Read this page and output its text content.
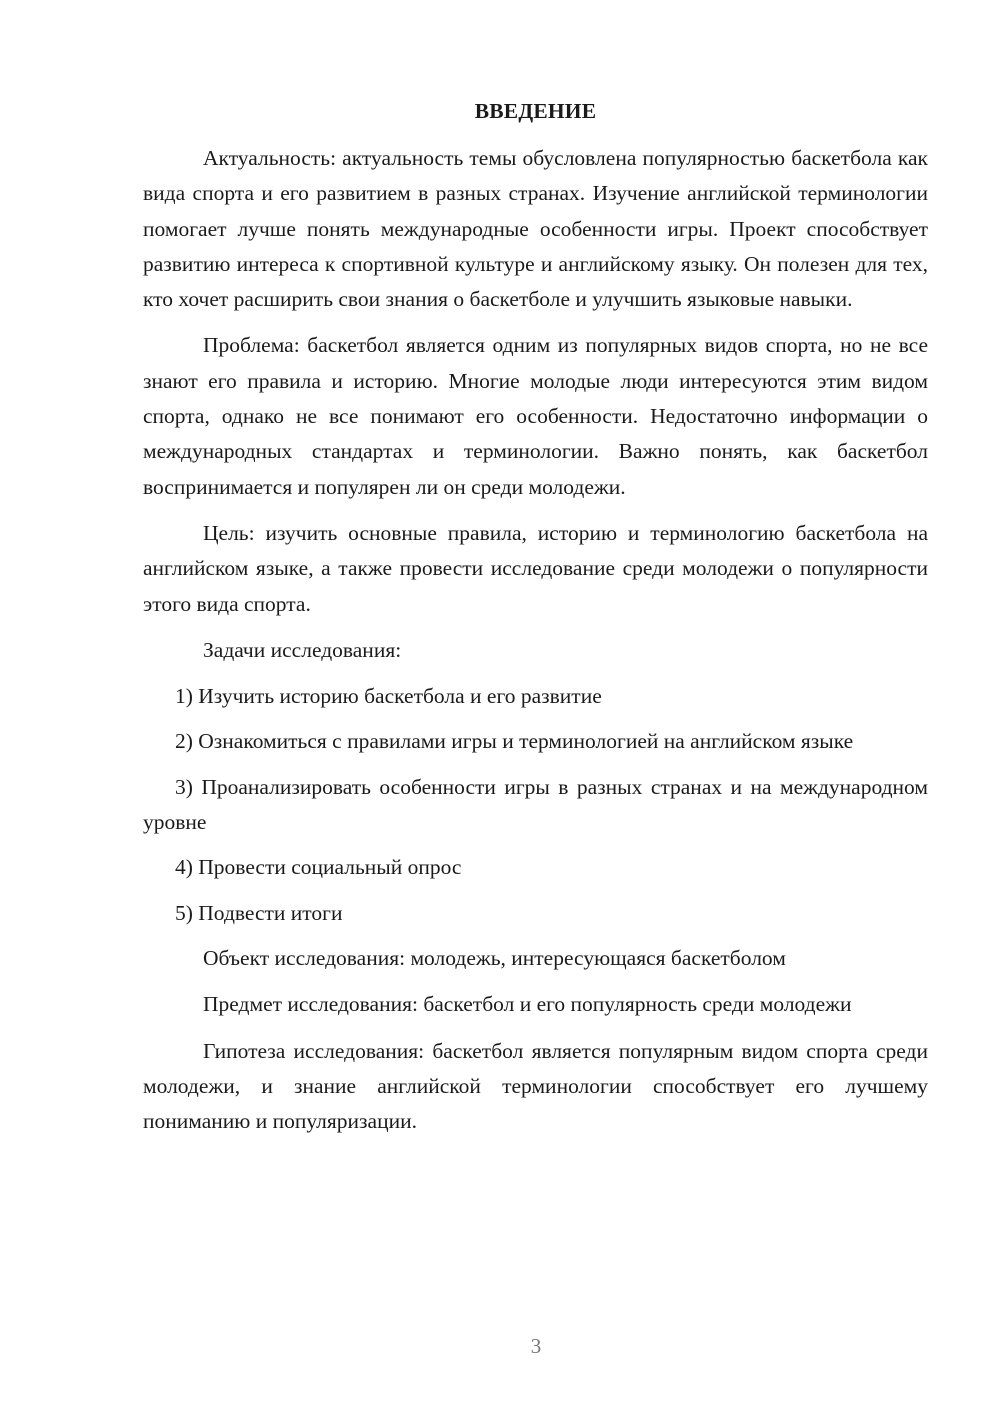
ВВЕДЕНИЕ

Актуальность: актуальность темы обусловлена популярностью баскетбола как вида спорта и его развитием в разных странах. Изучение английской терминологии помогает лучше понять международные особенности игры. Проект способствует развитию интереса к спортивной культуре и английскому языку. Он полезен для тех, кто хочет расширить свои знания о баскетболе и улучшить языковые навыки.

Проблема: баскетбол является одним из популярных видов спорта, но не все знают его правила и историю. Многие молодые люди интересуются этим видом спорта, однако не все понимают его особенности. Недостаточно информации о международных стандартах и терминологии. Важно понять, как баскетбол воспринимается и популярен ли он среди молодежи.

Цель: изучить основные правила, историю и терминологию баскетбола на английском языке, а также провести исследование среди молодежи о популярности этого вида спорта.

Задачи исследования:

1) Изучить историю баскетбола и его развитие

2) Ознакомиться с правилами игры и терминологией на английском языке

3) Проанализировать особенности игры в разных странах и на международном уровне

4) Провести социальный опрос

5) Подвести итоги

Объект исследования: молодежь, интересующаяся баскетболом

Предмет исследования: баскетбол и его популярность среди молодежи

Гипотеза исследования: баскетбол является популярным видом спорта среди молодежи, и знание английской терминологии способствует его лучшему пониманию и популяризации.

3
